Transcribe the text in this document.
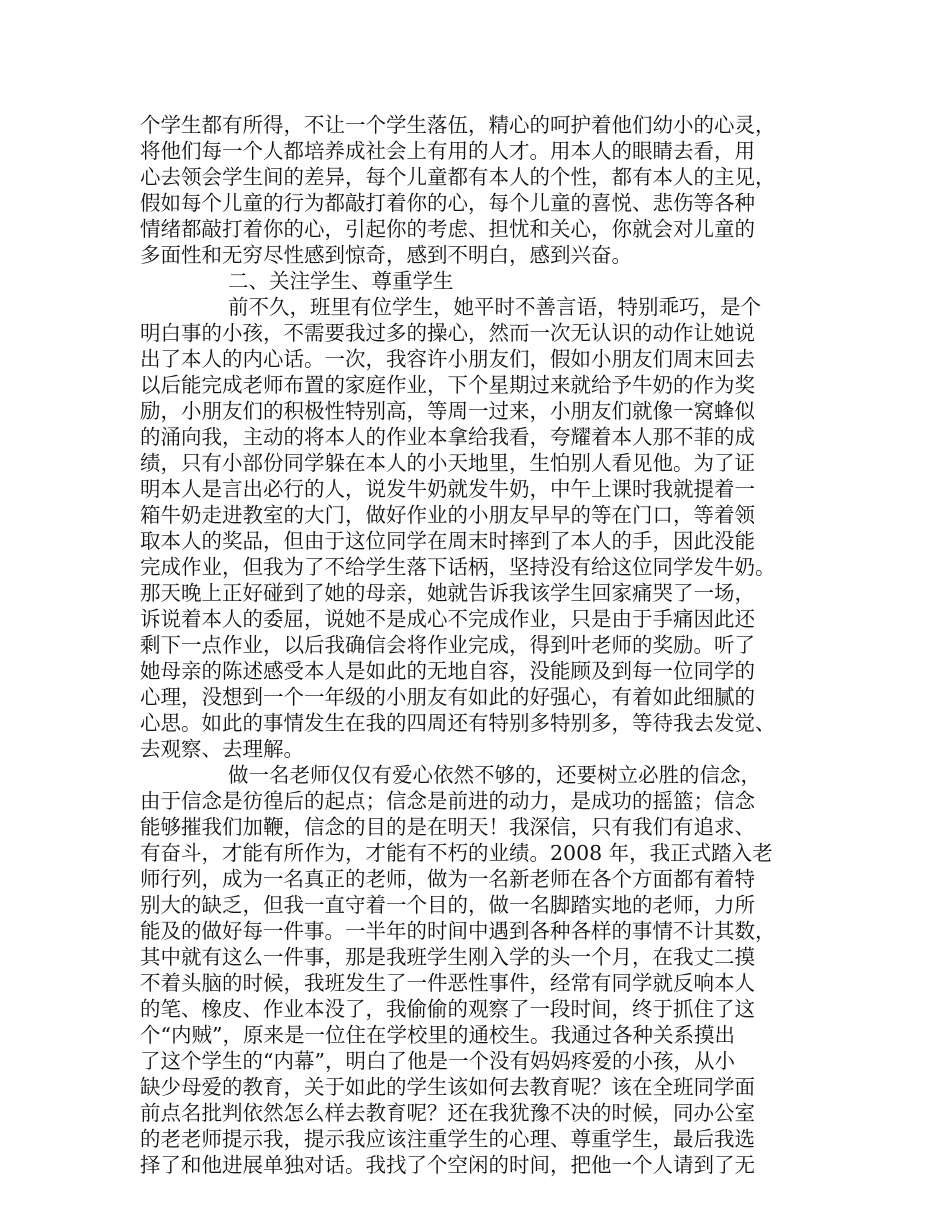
个学生都有所得，不让一个学生落伍，精心的呵护着他们幼小的心灵，
将他们每一个人都培养成社会上有用的人才。用本人的眼睛去看，用
心去领会学生间的差异，每个儿童都有本人的个性，都有本人的主见，
假如每个儿童的行为都敲打着你的心，每个儿童的喜悦、悲伤等各种
情绪都敲打着你的心，引起你的考虑、担忧和关心，你就会对儿童的
多面性和无穷尽性感到惊奇，感到不明白，感到兴奋。
二、关注学生、尊重学生
前不久，班里有位学生，她平时不善言语，特别乖巧，是个
明白事的小孩，不需要我过多的操心，然而一次无认识的动作让她说
出了本人的内心话。一次，我容许小朋友们，假如小朋友们周末回去
以后能完成老师布置的家庭作业，下个星期过来就给予牛奶的作为奖
励，小朋友们的积极性特别高，等周一过来，小朋友们就像一窝蜂似
的涌向我，主动的将本人的作业本拿给我看，夸耀着本人那不菲的成
绩，只有小部份同学躲在本人的小天地里，生怕别人看见他。为了证
明本人是言出必行的人，说发牛奶就发牛奶，中午上课时我就提着一
箱牛奶走进教室的大门，做好作业的小朋友早早的等在门口，等着领
取本人的奖品，但由于这位同学在周末时摔到了本人的手，因此没能
完成作业，但我为了不给学生落下话柄，坚持没有给这位同学发牛奶。
那天晚上正好碰到了她的母亲，她就告诉我该学生回家痛哭了一场，
诉说着本人的委屈，说她不是成心不完成作业，只是由于手痛因此还
剩下一点作业，以后我确信会将作业完成，得到叶老师的奖励。听了
她母亲的陈述感受本人是如此的无地自容，没能顾及到每一位同学的
心理，没想到一个一年级的小朋友有如此的好强心，有着如此细腻的
心思。如此的事情发生在我的四周还有特别多特别多，等待我去发觉、
去观察、去理解。
做一名老师仅仅有爱心依然不够的，还要树立必胜的信念，
由于信念是彷徨后的起点；信念是前进的动力，是成功的摇篮；信念
能够摧我们加鞭，信念的目的是在明天！我深信，只有我们有追求、
有奋斗，才能有所作为，才能有不朽的业绩。2008 年，我正式踏入老
师行列，成为一名真正的老师，做为一名新老师在各个方面都有着特
别大的缺乏，但我一直守着一个目的，做一名脚踏实地的老师，力所
能及的做好每一件事。一半年的时间中遇到各种各样的事情不计其数，
其中就有这么一件事，那是我班学生刚入学的头一个月，在我丈二摸
不着头脑的时候，我班发生了一件恶性事件，经常有同学就反响本人
的笔、橡皮、作业本没了，我偷偷的观察了一段时间，终于抓住了这
个“内贼”，原来是一位住在学校里的通校生。我通过各种关系摸出
了这个学生的“内幕”，明白了他是一个没有妈妈疼爱的小孩，从小
缺少母爱的教育，关于如此的学生该如何去教育呢？该在全班同学面
前点名批判依然怎么样去教育呢？还在我犹豫不决的时候，同办公室
的老老师提示我，提示我应该注重学生的心理、尊重学生，最后我选
择了和他进展单独对话。我找了个空闲的时间，把他一个人请到了无
